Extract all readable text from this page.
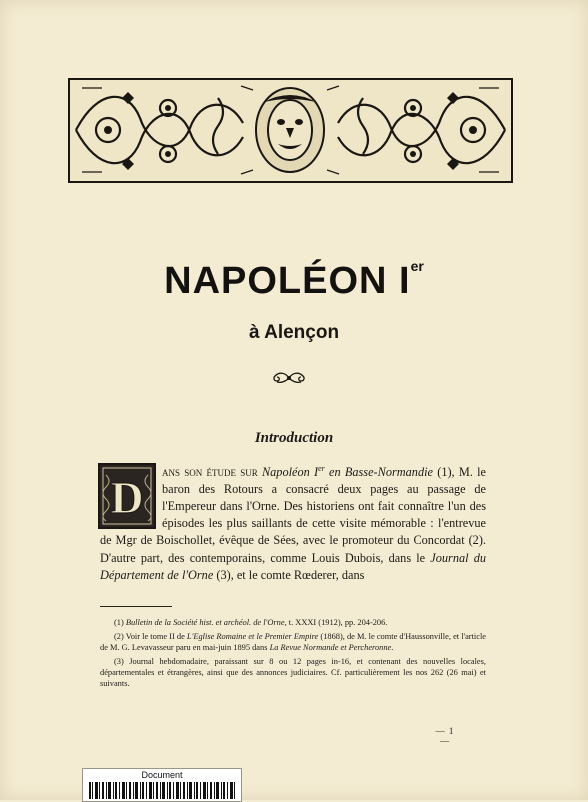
NAPOLÉON Ier
à Alençon
Introduction
D ans son étude sur Napoléon Ier en Basse-Normandie (1), M. le baron des Rotours a consacré deux pages au passage de l'Empereur dans l'Orne. Des historiens ont fait connaître l'un des épisodes les plus saillants de cette visite mémorable : l'entrevue de Mgr de Boischollet, évêque de Sées, avec le promoteur du Concordat (2). D'autre part, des contemporains, comme Louis Dubois, dans le Journal du Département de l'Orne (3), et le comte Rœderer, dans

(1) Bulletin de la Société hist. et archéol. de l'Orne, t. XXXI (1912), pp. 204-206.

(2) Voir le tome II de L'Eglise Romaine et le Premier Empire (1868), de M. le comte d'Haussonville, et l'article de M. G. Levavasseur paru en mai-juin 1895 dans La Revue Normande et Percheronne.

(3) Journal hebdomadaire, paraissant sur 8 ou 12 pages in-16, et contenant des nouvelles locales, départementales et étrangères, ainsi que des annonces judiciaires. Cf. particulièrement les nos 262 (26 mai) et suivants.

— 1 —
Document
